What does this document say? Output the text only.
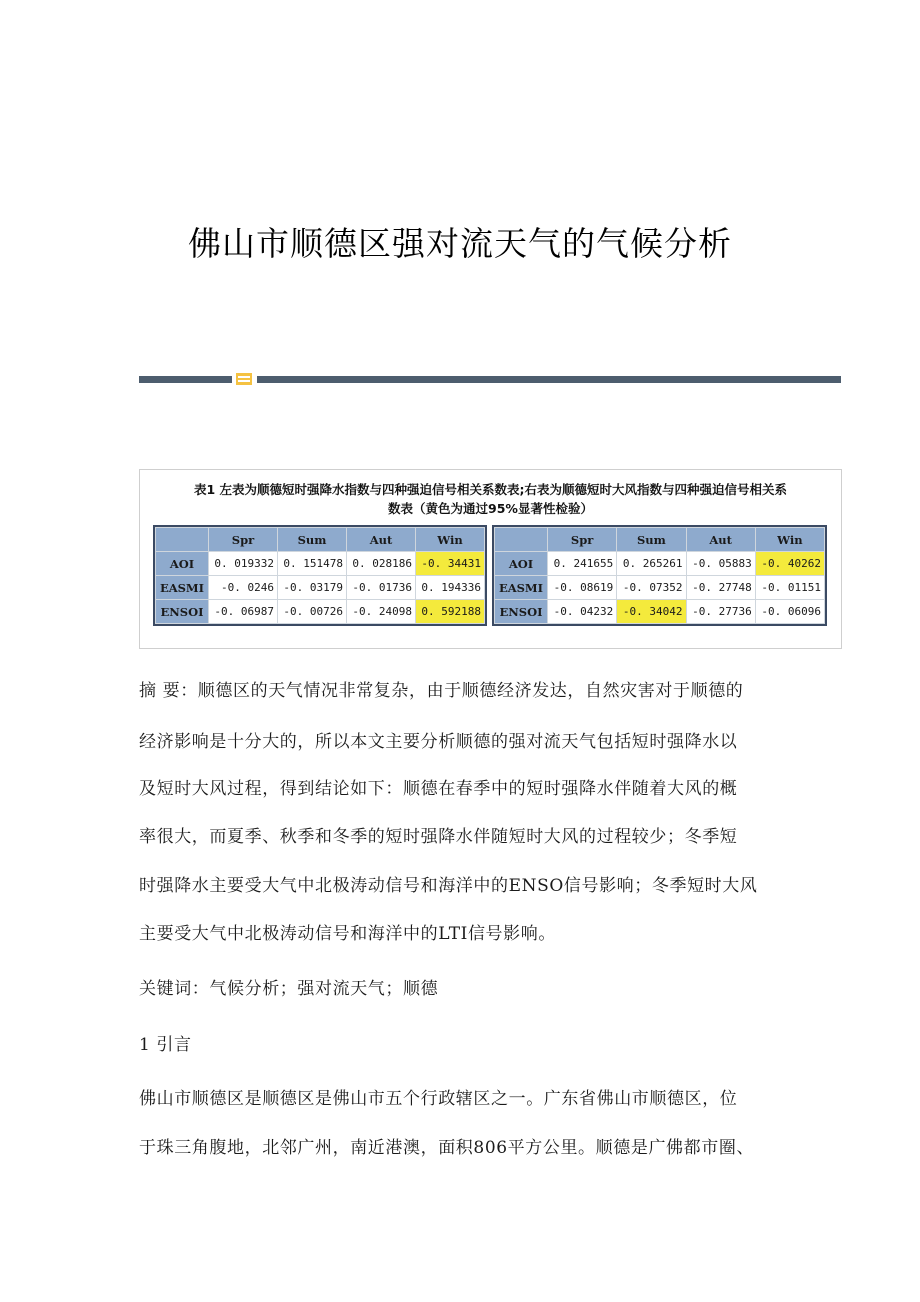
佛山市顺德区强对流天气的气候分析
表1 左表为顺德短时强降水指数与四种强迫信号相关系数表;右表为顺德短时大风指数与四种强迫信号相关系
数表（黄色为通过95%显著性检验）
	Spr	Sum	Aut	Win
AOI	0. 019332	0. 151478	0. 028186	-0. 34431
EASMI	-0. 0246	-0. 03179	-0. 01736	0. 194336
ENSOI	-0. 06987	-0. 00726	-0. 24098	0. 592188
	Spr	Sum	Aut	Win
AOI	0. 241655	0. 265261	-0. 05883	-0. 40262
EASMI	-0. 08619	-0. 07352	-0. 27748	-0. 01151
ENSOI	-0. 04232	-0. 34042	-0. 27736	-0. 06096
摘 要：顺德区的天气情况非常复杂，由于顺德经济发达，自然灾害对于顺德的
经济影响是十分大的，所以本文主要分析顺德的强对流天气包括短时强降水以
及短时大风过程，得到结论如下：顺德在春季中的短时强降水伴随着大风的概
率很大，而夏季、秋季和冬季的短时强降水伴随短时大风的过程较少；冬季短
时强降水主要受大气中北极涛动信号和海洋中的ENSO信号影响；冬季短时大风
主要受大气中北极涛动信号和海洋中的LTI信号影响。
关键词：气候分析；强对流天气；顺德
1 引言
佛山市顺德区是顺德区是佛山市五个行政辖区之一。广东省佛山市顺德区，位
于珠三角腹地，北邻广州，南近港澳，面积806平方公里。顺德是广佛都市圈、
